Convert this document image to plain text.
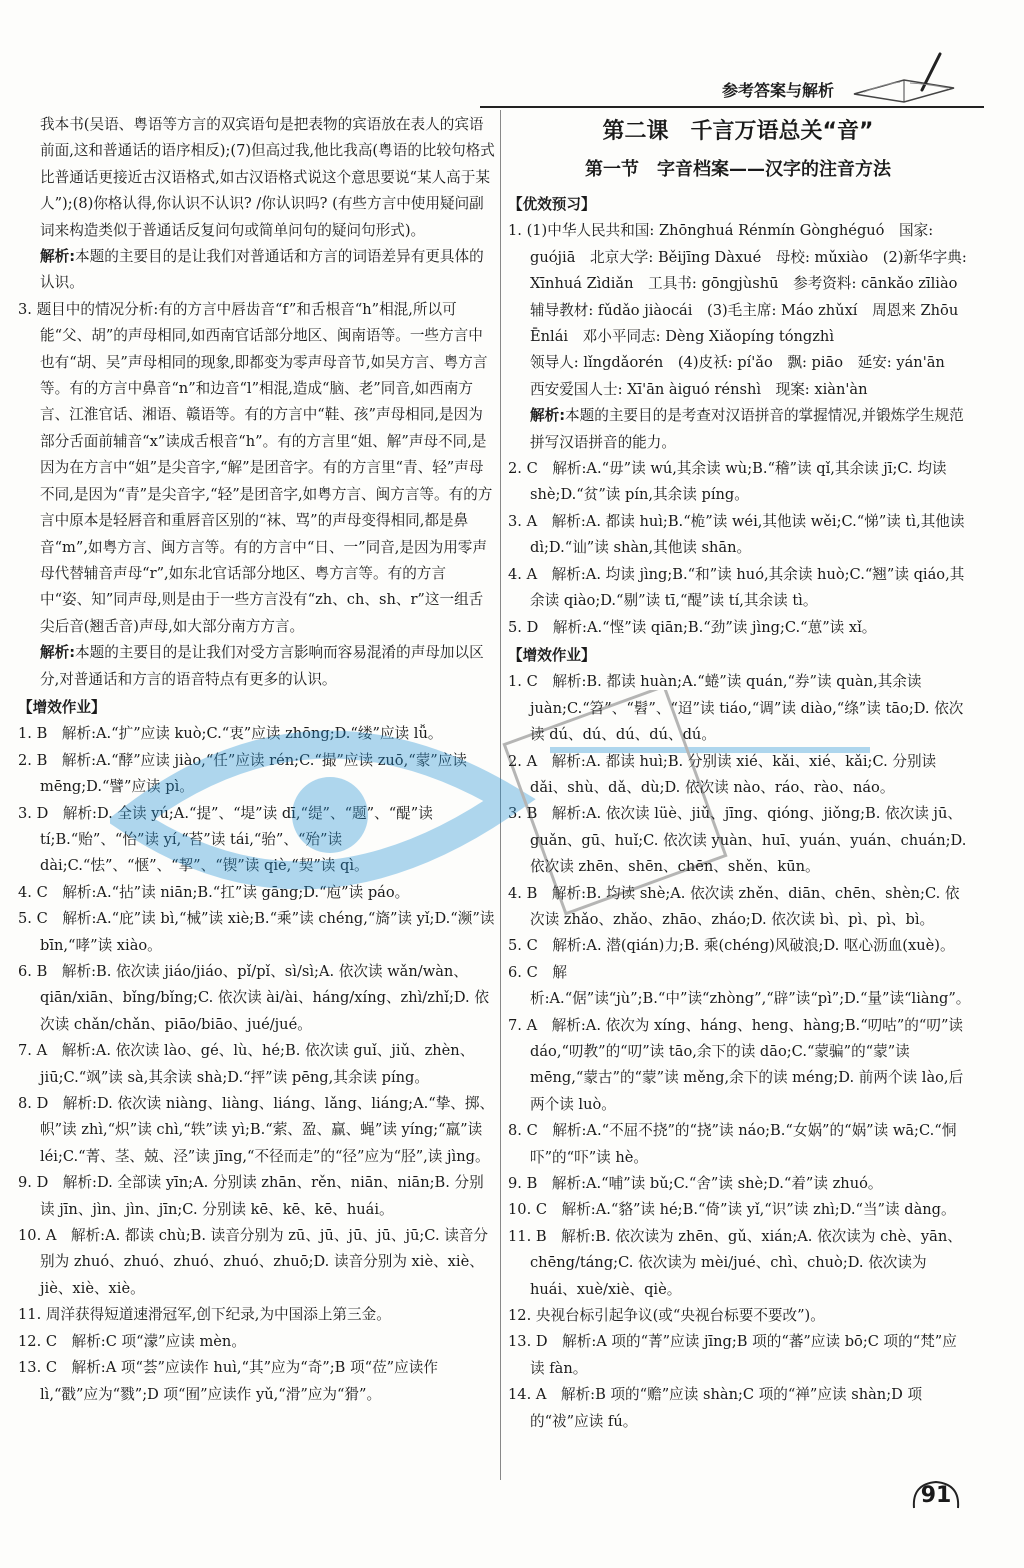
参考答案与解析
我本书(吴语、粤语等方言的双宾语句是把表物的宾语放在表人的宾语前面,这和普通话的语序相反);(7)但高过我,他比我高(粤语的比较句格式比普通话更接近古汉语格式,如古汉语格式说这个意思要说“某人高于某人”);(8)你格认得,你认识不认识? /你认识吗? (有些方言中使用疑问副词来构造类似于普通话反复问句或简单问句的疑问句形式)。
解析:本题的主要目的是让我们对普通话和方言的词语差异有更具体的认识。
3. 题目中的情况分析:有的方言中唇齿音“f”和舌根音“h”相混,所以可能“父、胡”的声母相同,如西南官话部分地区、闽南语等。一些方言中也有“胡、吴”声母相同的现象,即都变为零声母音节,如吴方言、粤方言等。有的方言中鼻音“n”和边音“l”相混,造成“脑、老”同音,如西南方言、江淮官话、湘语、赣语等。有的方言中“鞋、孩”声母相同,是因为部分舌面前辅音“x”读成舌根音“h”。有的方言里“姐、解”声母不同,是因为在方言中“姐”是尖音字,“解”是团音字。有的方言里“青、轻”声母不同,是因为“青”是尖音字,“轻”是团音字,如粤方言、闽方言等。有的方言中原本是轻唇音和重唇音区别的“袜、骂”的声母变得相同,都是鼻音“m”,如粤方言、闽方言等。有的方言中“日、一”同音,是因为用零声母代替辅音声母“r”,如东北官话部分地区、粤方言等。有的方言中“姿、知”同声母,则是由于一些方言没有“zh、ch、sh、r”这一组舌尖后音(翘舌音)声母,如大部分南方方言。
解析:本题的主要目的是让我们对受方言影响而容易混淆的声母加以区分,对普通话和方言的语音特点有更多的认识。
【增效作业】
1. B　解析:A.“扩”应读 kuò;C.“衷”应读 zhōng;D.“缕”应读 lǚ。
2. B　解析:A.“酵”应读 jiào,“任”应读 rén;C.“撮”应读 zuō,“蒙”应读 mēng;D.“譬”应读 pì。
3. D　解析:D. 全读 yú;A.“提”、“堤”读 dī,“缇”、“题”、“醍”读 tí;B.“贻”、“怡”读 yí,“苔”读 tái,“骀”、“殆”读 dài;C.“怯”、“惬”、“挈”、“锲”读 qiè,“契”读 qì。
4. C　解析:A.“拈”读 niān;B.“扛”读 gāng;D.“庖”读 páo。
5. C　解析:A.“庇”读 bì,“械”读 xiè;B.“乘”读 chéng,“旖”读 yǐ;D.“濒”读 bīn,“哮”读 xiào。
6. B　解析:B. 依次读 jiáo/jiáo、pǐ/pǐ、sì/sì;A. 依次读 wǎn/wàn、qiān/xiān、bǐng/bǐng;C. 依次读 ài/ài、háng/xíng、zhì/zhǐ;D. 依次读 chǎn/chǎn、piāo/biāo、jué/jué。
7. A　解析:A. 依次读 lào、gé、lù、hé;B. 依次读 guǐ、jiǔ、zhèn、jiū;C.“飒”读 sà,其余读 shà;D.“抨”读 pēng,其余读 píng。
8. D　解析:D. 依次读 niàng、liàng、liáng、lǎng、liáng;A.“挚、掷、帜”读 zhì,“炽”读 chì,“轶”读 yì;B.“萦、盈、赢、蝇”读 yíng;“羸”读 léi;C.“菁、茎、兢、泾”读 jīng,“不径而走”的“径”应为“胫”,读 jìng。
9. D　解析:D. 全部读 yīn;A. 分别读 zhān、rěn、niān、niān;B. 分别读 jīn、jìn、jìn、jīn;C. 分别读 kē、kē、kē、huái。
10. A　解析:A. 都读 chù;B. 读音分别为 zū、jū、jū、jū、jū;C. 读音分别为 zhuó、zhuó、zhuó、zhuó、zhuō;D. 读音分别为 xiè、xiè、jiè、xiè、xiè。
11. 周洋获得短道速滑冠军,创下纪录,为中国添上第三金。
12. C　解析:C 项“濛”应读 mèn。
13. C　解析:A 项“荟”应读作 huì,“其”应为“奇”;B 项“莅”应读作 lì,“戳”应为“戮”;D 项“囿”应读作 yǔ,“滑”应为“猾”。

第二课　千言万语总关“音”

第一节　字音档案——汉字的注音方法

【优效预习】
1. (1)中华人民共和国: Zhōnghuá Rénmín Gònghéguó　国家: guójiā　北京大学: Běijīng Dàxué　母校: mǔxiào　(2)新华字典: Xīnhuá Zìdiǎn　工具书: gōngjùshū　参考资料: cānkǎo zīliào　辅导教材: fǔdǎo jiàocái　(3)毛主席: Máo zhǔxí　周恩来 Zhōu Ēnlái　邓小平同志: Dèng Xiǎopíng tóngzhì
领导人: lǐngdǎorén　(4)皮袄: pí'ǎo　飘: piāo　延安: yán'ān　西安爱国人士: Xī'ān àiguó rénshì　现案: xiàn'àn
解析:本题的主要目的是考查对汉语拼音的掌握情况,并锻炼学生规范拼写汉语拼音的能力。
2. C　解析:A.“毋”读 wú,其余读 wù;B.“稽”读 qǐ,其余读 jī;C. 均读 shè;D.“贫”读 pín,其余读 píng。
3. A　解析:A. 都读 huì;B.“桅”读 wéi,其他读 wěi;C.“悌”读 tì,其他读 dì;D.“讪”读 shàn,其他读 shān。
4. A　解析:A. 均读 jìng;B.“和”读 huó,其余读 huò;C.“翘”读 qiáo,其余读 qiào;D.“剔”读 tī,“醍”读 tí,其余读 tì。
5. D　解析:A.“悭”读 qiān;B.“劲”读 jìng;C.“葸”读 xǐ。
【增效作业】
1. C　解析:B. 都读 huàn;A.“蜷”读 quán,“券”读 quàn,其余读 juàn;C.“笤”、“髫”、“迢”读 tiáo,“调”读 diào,“绦”读 tāo;D. 依次读 dú、dú、dú、dú、dú。
2. A　解析:A. 都读 huì;B. 分别读 xié、kǎi、xié、kǎi;C. 分别读 dǎi、shù、dǎ、dù;D. 依次读 nào、ráo、rào、náo。
3. B　解析:A. 依次读 lüè、jiǔ、jīng、qióng、jiǒng;B. 依次读 jū、guǎn、gū、huǐ;C. 依次读 yuàn、huī、yuán、yuán、chuán;D. 依次读 zhēn、shēn、chēn、shěn、kūn。
4. B　解析:B. 均读 shè;A. 依次读 zhěn、diān、chēn、shèn;C. 依次读 zhǎo、zhǎo、zhāo、zháo;D. 依次读 bì、pì、pì、bì。
5. C　解析:A. 潜(qián)力;B. 乘(chéng)风破浪;D. 呕心沥血(xuè)。
6. C　解析:A.“倨”读“jù”;B.“中”读“zhòng”,“辟”读“pì”;D.“量”读“liàng”。
7. A　解析:A. 依次为 xíng、háng、heng、hàng;B.“叨咕”的“叨”读 dáo,“叨教”的“叨”读 tāo,余下的读 dāo;C.“蒙骗”的“蒙”读 mēng,“蒙古”的“蒙”读 měng,余下的读 méng;D. 前两个读 lào,后两个读 luò。
8. C　解析:A.“不屈不挠”的“挠”读 náo;B.“女娲”的“娲”读 wā;C.“恫吓”的“吓”读 hè。
9. B　解析:A.“哺”读 bǔ;C.“舍”读 shè;D.“着”读 zhuó。
10. C　解析:A.“貉”读 hé;B.“倚”读 yǐ,“识”读 zhì;D.“当”读 dàng。
11. B　解析:B. 依次读为 zhēn、gǔ、xián;A. 依次读为 chè、yān、chēng/táng;C. 依次读为 mèi/jué、chì、chuò;D. 依次读为 huái、xuè/xiè、qiè。
12. 央视台标引起争议(或“央视台标要不要改”)。
13. D　解析:A 项的“菁”应读 jīng;B 项的“蕃”应读 bō;C 项的“梵”应读 fàn。
14. A　解析:B 项的“赡”应读 shàn;C 项的“禅”应读 shàn;D 项的“祓”应读 fú。
91
